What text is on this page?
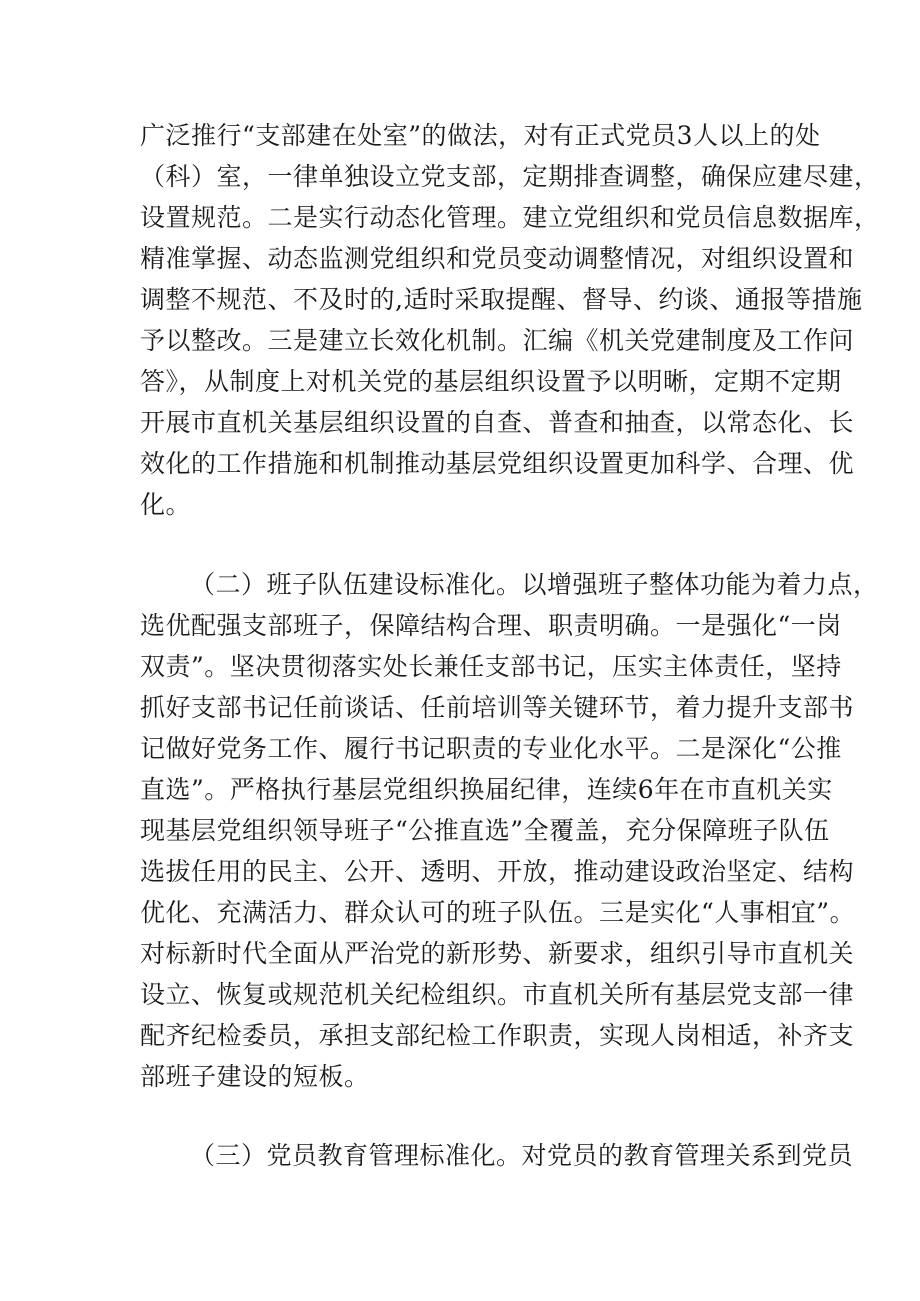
广泛推行“支部建在处室”的做法，对有正式党员3人以上的处
（科）室，一律单独设立党支部，定期排查调整，确保应建尽建，
设置规范。二是实行动态化管理。建立党组织和党员信息数据库，
精准掌握、动态监测党组织和党员变动调整情况，对组织设置和
调整不规范、不及时的,适时采取提醒、督导、约谈、通报等措施
予以整改。三是建立长效化机制。汇编《机关党建制度及工作问
答》，从制度上对机关党的基层组织设置予以明晰，定期不定期
开展市直机关基层组织设置的自查、普查和抽查，以常态化、长
效化的工作措施和机制推动基层党组织设置更加科学、合理、优
化。
（二）班子队伍建设标准化。以增强班子整体功能为着力点，
选优配强支部班子，保障结构合理、职责明确。一是强化“一岗
双责”。坚决贯彻落实处长兼任支部书记，压实主体责任，坚持
抓好支部书记任前谈话、任前培训等关键环节，着力提升支部书
记做好党务工作、履行书记职责的专业化水平。二是深化“公推
直选”。严格执行基层党组织换届纪律，连续6年在市直机关实
现基层党组织领导班子“公推直选”全覆盖，充分保障班子队伍
选拔任用的民主、公开、透明、开放，推动建设政治坚定、结构
优化、充满活力、群众认可的班子队伍。三是实化“人事相宜”。
对标新时代全面从严治党的新形势、新要求，组织引导市直机关
设立、恢复或规范机关纪检组织。市直机关所有基层党支部一律
配齐纪检委员，承担支部纪检工作职责，实现人岗相适，补齐支
部班子建设的短板。
（三）党员教育管理标准化。对党员的教育管理关系到党员
